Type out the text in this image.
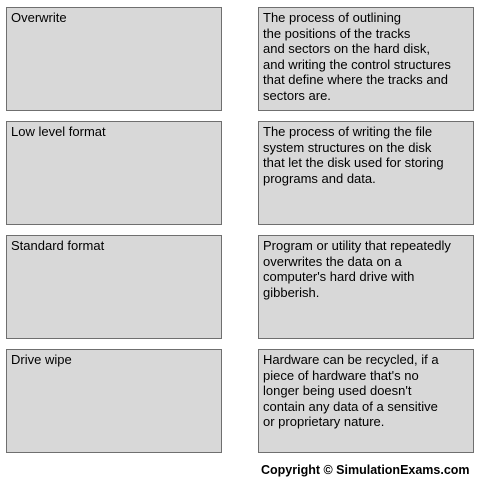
Overwrite
Low level format
Standard format
Drive wipe
The process of outlining
the positions of the tracks
and sectors on the hard disk,
and writing the control structures
that define where the tracks and
sectors are.
The process of writing the file
system structures on the disk
that let the disk used for storing
programs and data.
Program or utility that repeatedly
overwrites the data on a
computer's hard drive with
gibberish.
Hardware can be recycled, if a
piece of hardware that's no
longer being used doesn't
contain any data of a sensitive
or proprietary nature.
Copyright © SimulationExams.com
